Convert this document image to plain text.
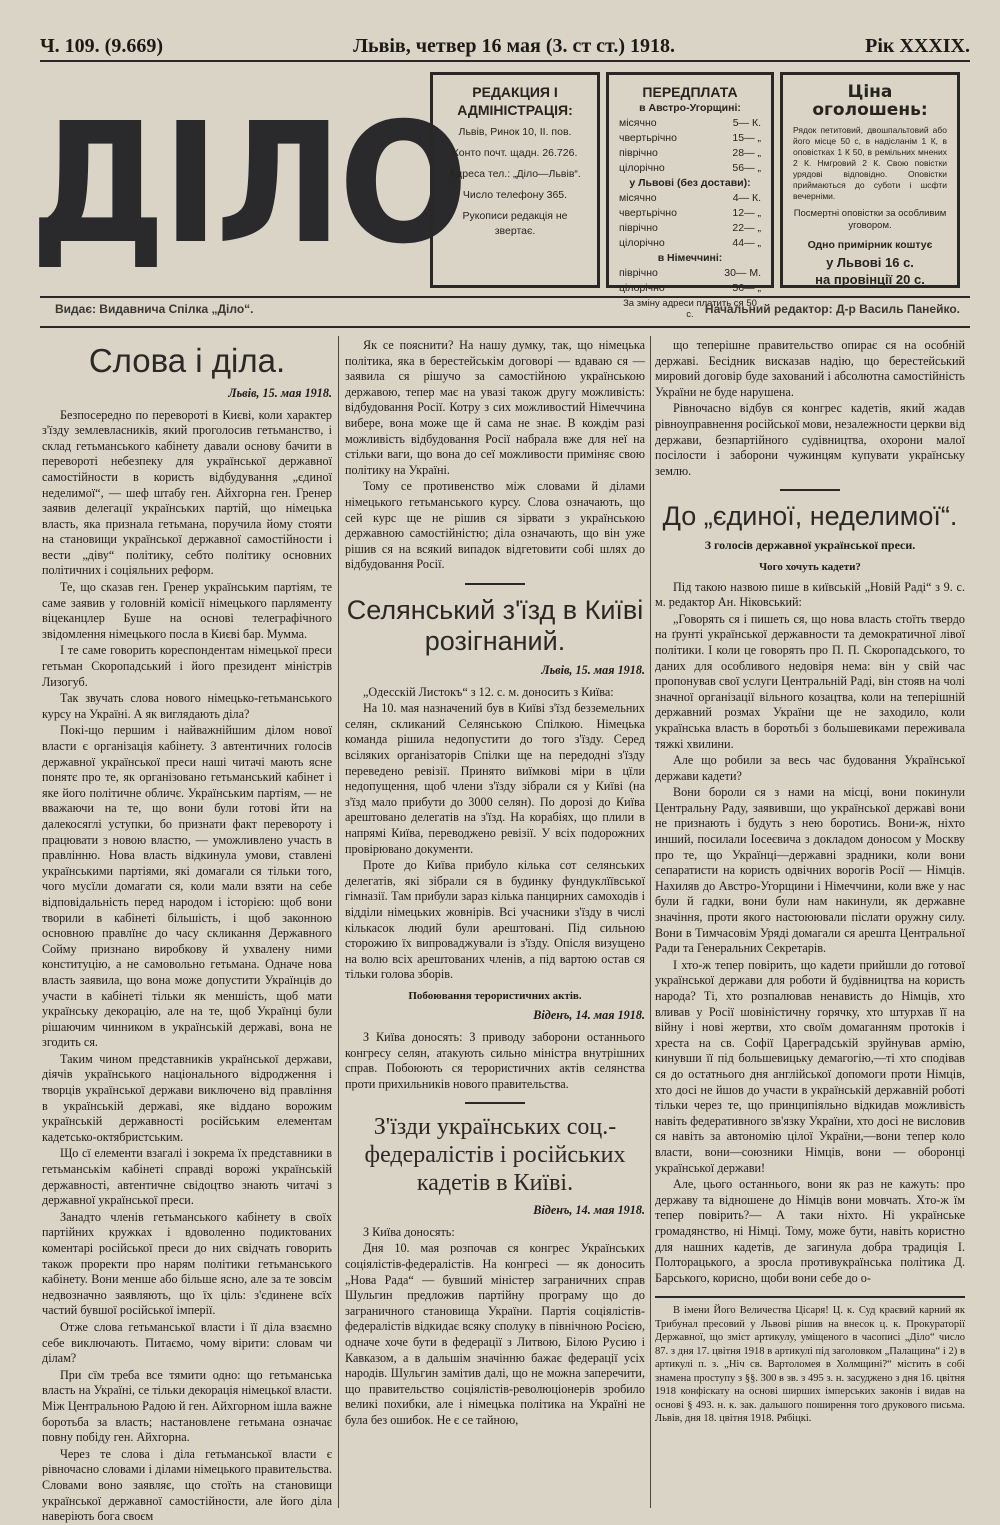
Ч. 109. (9.669)	Львів, четвер 16 мая (3. ст ст.) 1918.	Рік XXXIX.
ДІЛО РЕДАКЦИЯ І АДМІНІСТРАЦІЯ:

Львів, Ринок 10, II. пов.

Конто почт. щадн. 26.726.

Адреса тел.: „Діло—Львів“.

Число телефону 365.

Рукописи редакція не звертає.

ПЕРЕДПЛАТА
в Австро-Угорщині:
місячно	5— К.
чвертьрічно	15— „
піврічно	28— „
цілорічно	56— „
у Львові (без достави):
місячно	4— К.
чвертьрічно	12— „
піврічно	22— „
цілорічно	44— „
в Німеччині:
піврічно	30— М.
цілорічно	56— „
За зміну адреси платить ся 50 с.
Ціна оголошень:

Рядок петитовий, двошпальтовий або його місце 50 с, в надісланім 1 К, в оповістках 1 К 50, в ремільних мнених 2 К. Нмгровий 2 К. Свою повістки урядові відповідно. Оповістки приймаються до суботи і шсфти вечерніми.

Посмертні оповістки за особливим уговором.

Одно примірник коштує

у Львові 16 с.

на провінції 20 с.

Видає: Видавнича Спілка „Діло“.	Начальний редактор: Д-р Василь Панейко.
Слова і діла.

Львів, 15. мая 1918.

Безпосередно по перевороті в Києві, коли характер з'їзду землевласників, який проголосив гетьманство, і склад гетьманського кабінету давали основу бачити в перевороті небезпеку для української державної самостійности в користь відбудування „єдиної неделимої“, — шеф штабу ген. Айхгорна ген. Гренер заявив делегації українських партій, що німецька власть, яка признала гетьмана, поручила йому стояти на становищи української державної самостійности і вести „діву“ політику, себто політику основних політичних і соціяльних реформ.

Те, що сказав ген. Гренер українським партіям, те саме заявив у головній комісії німецького парляменту віцеканцлер Буше на основі телеграфічного звідомлення німецького посла в Києві бар. Мумма.

І те саме говорить кореспондентам німецької преси гетьман Скоропадський і його президент міністрів Лизогуб.

Так звучать слова нового німецько-гетьманського курсу на Україні. А як виглядають діла?

Покі-що першим і найважнійшим ділом нової власти є організація кабінету. З автентичних голосів державної української преси наші читачі мають ясне понятє про те, як організовано гетьманський кабінет і яке його політичне обличє. Українським партіям, — не вважаючи на те, що вони були готові йти на далекосяглі уступки, бо признати факт перевороту і працювати з новою властю, — уможливлено участь в правлінню. Нова власть відкинула умови, ставлені українськими партіями, які домагали ся тільки того, чого мусїли домагати ся, коли мали взяти на себе відповідальність перед народом і історією: щоб вони творили в кабінеті більшість, і щоб законною основною правлїнє до часу скликання Державного Сойму признано виробкову й ухвалену ними конституцію, а не самовольно гетьмана. Одначе нова власть заявила, що вона може допустити Українців до участи в кабінеті тільки як меншість, щоб мати українську декорацію, але на те, щоб Українці були рішаючим чинником в українській державі, вона не згодить ся.

Таким чином представників української держави, діячів українського національного відродження і творців української держави виключено від правління в українській державі, яке віддано ворожим українській державності російським елементам кадетсько-октябристським.

Що сї елементи взагалі і зокрема їх представники в гетьманськім кабінеті справді ворожі українській державності, автентичне свідоцтво знають читачі з державної української преси.

Занадто членів гетьманського кабінету в своїх партійних кружках і вдоволенно подиктованих коментарі російської преси до них свідчать говорить також проректи про нарям політики гетьманського кабінету. Вони менше або більше ясно, але за те зовсім недвозначно заявляють, що їх ціль: з'єдинене всїх частий бувшої російської імперії.

Отже слова гетьманської власти і її діла взаємно себе виключають. Питаємо, чому вірити: словам чи ділам?

При сїм треба все тямити одно: що гетьманська власть на Україні, се тільки декорація німецької власти. Між Центральною Радою й ген. Айхгорном ішла важне боротьба за власть; настановлене гетьмана означає повну побіду ген. Айхгорна.

Через те слова і діла гетьманської власти є рівночасно словами і ділами німецького правительства. Словами воно заявляє, що стоїть на становищи української державної самостійности, але його діла наверіють бога своєм

Як се пояснити? На нашу думку, так, що німецька політика, яка в берестейськім договорі — вдаваю ся — заявила ся рішучо за самостійною українською державою, тепер має на увазі також другу можливість: відбудовання Росії. Котру з сих можливостий Німеччина вибере, вона може ще й сама не знає. В кождім разі можливість відбудовання Росії набрала вже для неї на стільки ваги, що вона до сеї можливости приміняє свою політику на Україні.

Тому се противенство між словами й ділами німецького гетьманського курсу. Слова означають, що сей курс ще не рішив ся зірвати з українською державною самостійністю; діла означають, що він уже рішив ся на всякий випадок відгетовити собі шлях до відбудовання Росії.

Селянський з'їзд в Київі розігнаний.

Львів, 15. мая 1918.

„Одесскій Листокъ“ з 12. с. м. доносить з Київа:

На 10. мая назначений був в Київі з'їзд безземельних селян, скликаний Селянською Спілкою. Німецька команда рішила недопустити до того з'їзду. Серед всіляких організаторів Спілки ще на передодні з'їзду переведено ревізії. Принято виїмкові міри в цїли недопущення, щоб члени з'їзду зібрали ся у Київі (на з'їзд мало прибути до 3000 селян). По дорозі до Київа арештовано делегатів на з'їзд. На корабіях, що плили в напрямі Київа, переводжено ревізії. У всіх подорожних провірювано документи.

Проте до Київа прибуло кілька сот селянських делегатів, які зібрали ся в будинку фундуклїївської гімназії. Там прибули зараз кілька панцирних самоходів і відділи німецьких жовнірів. Всі учасники з'їзду в числі кількасок людий були арештовані. Під сильною сторожию їх випроваджували із з'їзду. Опісля визущено на волю всіх арештованих членів, а під вартою остав ся тільки голова зборів.

Побоювання терористичних актів.

Віденъ, 14. мая 1918.

З Київа доносять: З приводу заборони останнього конгресу селян, атакують сильно міністра внутрішних справ. Побоюють ся терористичних актів селянства проти прихильників нового правительства.

З'їзди українських соц.-федералістів і російських кадетів в Київі.

Віденъ, 14. мая 1918.

З Київа доносять:

Дня 10. мая розпочав ся конгрес Українських соціялістів-федералістів. На конгресі — як доносить „Нова Рада“ — бувший міністер заграничних справ Шульгин предложив партійну програму що до заграничного становища України. Партія соціялістів-федералістів відкидає всяку сполуку в північною Росією, одначе хоче бути в федерації з Литвою, Білою Русию і Кавказом, а в дальшім значінню бажає федерації усіх народів. Шульгин замітив далі, що не можна заперечити, що правительство соціялістів-революціонерів зробило великі похибки, але і німецька політика на Україні не була без ошибок. Не є се тайною,

що теперішне правительство опирає ся на особній державі. Бесідник висказав надію, що берестейський мировий договір буде захований і абсолютна самостійність України не буде нарушена.

Рівночасно відбув ся конгрес кадетів, який жадав рівноуправнення російської мови, незалежности церкви від держави, безпартійного судівництва, охорони малої посілости і заборони чужинцям купувати українську землю.

До „єдиної, неделимої“.

З голосів державної української преси.

Чого хочуть кадети?

Під такою назвою пише в київській „Новій Раді“ з 9. с. м. редактор Ан. Ніковський:

„Говорять ся і пишеть ся, що нова власть стоїть твердо на ґрунті української державности та демократичної лівої політики. І коли це говорять про П. П. Скоропадського, то даних для особливого недовіря нема: він у свій час пропонував свої услуги Центральній Раді, він стояв на чолі значної організації вільного козацтва, коли на теперішній державний розмах України ще не заходило, коли українська власть в боротьбі з большевиками переживала тяжкі хвилини.

Але що робили за весь час будовання Української держави кадети?

Вони бороли ся з нами на місці, вони покинули Центральну Раду, заявивши, що української державі вони не признають і будуть з нею боротись. Вони-ж, ніхто инший, посилали Іосеєвича з докладом доносом у Москву про те, що Українці—державні зрадники, коли вони сепаратисти на користь одвічних ворогів Росії — Німців. Нахиляв до Австро-Угорщини і Німеччини, коли вже у нас були й гадки, вони були нам накинули, як державне значіння, проти якого настоюювали післати оружну силу. Вони в Тимчасовім Уряді домагали ся арешта Центральної Ради та Генеральних Секретарів.

І хто-ж тепер повірить, що кадети прийшли до готової української держави для роботи й будівництва на користь народа? Ті, хто розпалював ненависть до Німців, хто вливав у Росії шовіністичну горячку, хто штурхав її на війну і нові жертви, хто своїм домаганням протоків і хреста на св. Софії Цареградській зруйнував армію, кинувши її під большевицьку демагогію,—ті хто сподівав ся до остатнього дня англійської допомоги проти Німців, хто досі не йшов до участи в українській державній роботі тільки через те, що принципіяльно відкидав можливість навіть федеративного зв'язку України, хто досі не висловив ся навіть за автономію цілої України,—вони тепер коло власти, вони—союзники Німців, вони — оборонці української держави!

Але, цього останнього, вони як раз не кажуть: про державу та відношене до Німців вони мовчать. Хто-ж їм тепер повірить?— А таки ніхто. Ні українське громадянство, ні Німці. Тому, може бути, навіть користно для нашних кадетів, де загинула добра традиція І. Полторацького, а зросла противукраїнська політика Д. Барського, корисно, щоби вони себе до о-

В імени Його Величества Цісаря! Ц. к. Суд краєвий карний як Трибунал пресовий у Львові рішив на внесок ц. к. Прокураторії Державної, що зміст артикулу, уміщеного в часописі „Діло“ число 87. з дня 17. цвітня 1918 в артикулі під заголовком „Палащина“ і 2) в артикулі п. з. „Ніч св. Вартоломея в Холмщині?“ містить в собі знамена проступу з §§. 300 в зв. з 495 з. н. засуджено з дня 16. цвітня 1918 конфіскату на основі ширших імперських законів і видав на основі § 493. н. к. зак. дальшого поширення того друкового письма. Львів, дня 18. цвітня 1918. Рябіцкі.
